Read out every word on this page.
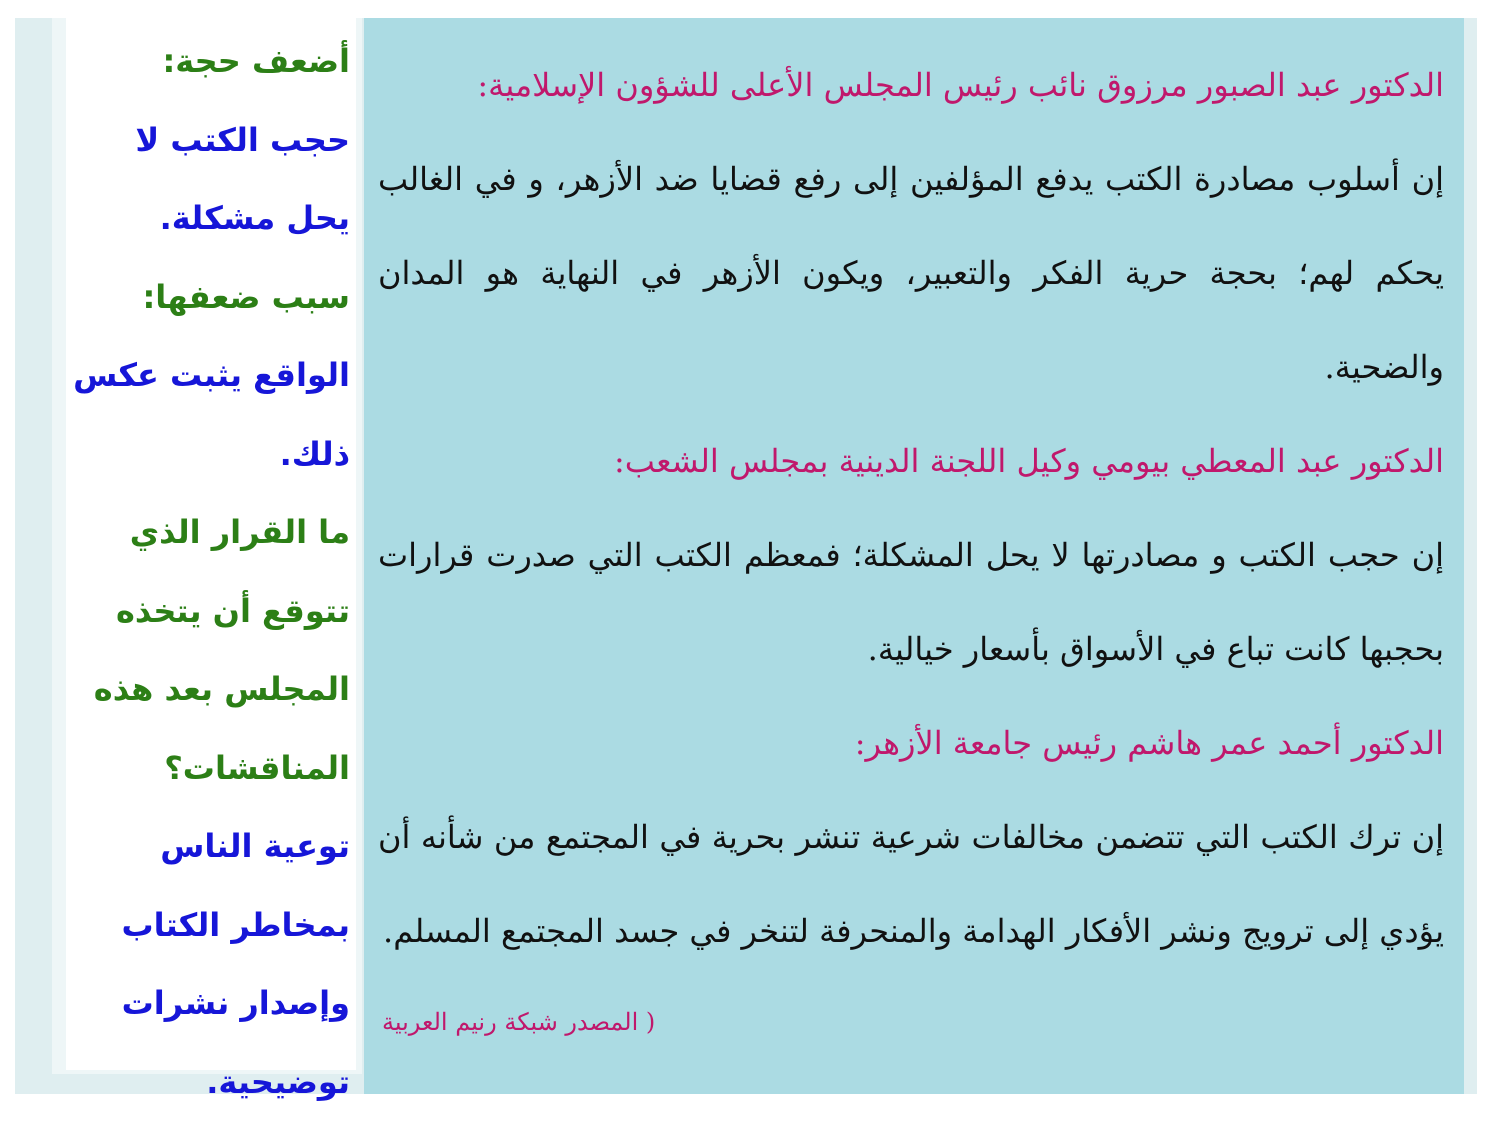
أضعف حجة:

حجب الكتب لا يحل مشكلة.

سبب ضعفها:

الواقع يثبت عكس ذلك.

ما القرار الذي تتوقع أن يتخذه المجلس بعد هذه المناقشات؟

توعية الناس بمخاطر الكتاب وإصدار نشرات توضيحية.

الدكتور عبد الصبور مرزوق نائب رئيس المجلس الأعلى للشؤون الإسلامية:

إن أسلوب مصادرة الكتب يدفع المؤلفين إلى رفع قضايا ضد الأزهر، و في الغالب يحكم لهم؛ بحجة حرية الفكر والتعبير، ويكون الأزهر في النهاية هو المدان والضحية.

الدكتور عبد المعطي بيومي وكيل اللجنة الدينية بمجلس الشعب:

إن حجب الكتب و مصادرتها لا يحل المشكلة؛ فمعظم الكتب التي صدرت قرارات بحجبها كانت تباع في الأسواق بأسعار خيالية.

الدكتور أحمد عمر هاشم رئيس جامعة الأزهر:

إن ترك الكتب التي تتضمن مخالفات شرعية تنشر بحرية في المجتمع من شأنه أن يؤدي إلى ترويج ونشر الأفكار الهدامة والمنحرفة لتنخر في جسد المجتمع المسلم.

( المصدر شبكة رنيم العربية
